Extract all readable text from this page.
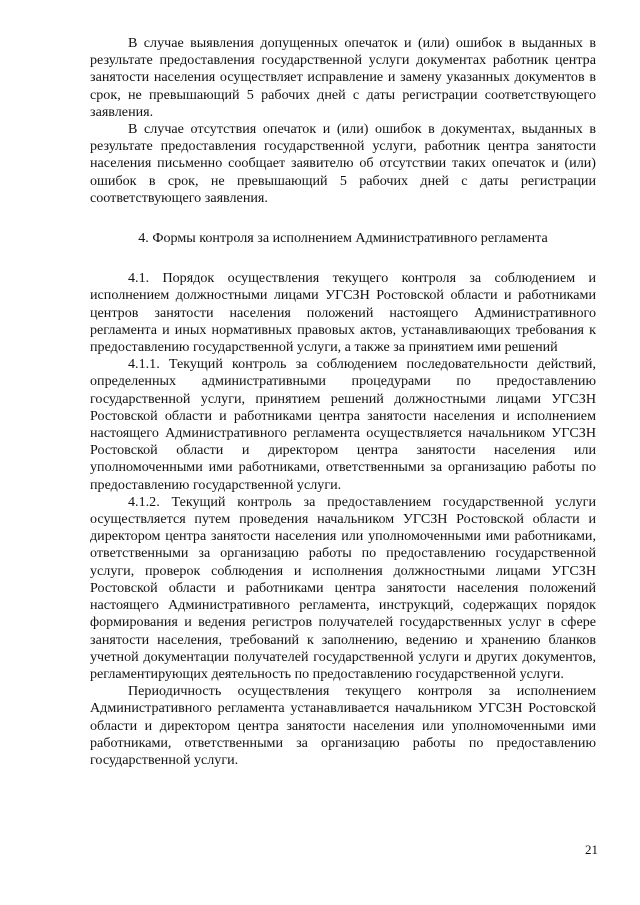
В случае выявления допущенных опечаток и (или) ошибок в выданных в результате предоставления государственной услуги документах работник центра занятости населения осуществляет исправление и замену указанных документов в срок, не превышающий 5 рабочих дней с даты регистрации соответствующего заявления.

В случае отсутствия опечаток и (или) ошибок в документах, выданных в результате предоставления государственной услуги, работник центра занятости населения письменно сообщает заявителю об отсутствии таких опечаток и (или) ошибок в срок, не превышающий 5 рабочих дней с даты регистрации соответствующего заявления.

4. Формы контроля за исполнением Административного регламента

4.1. Порядок осуществления текущего контроля за соблюдением и исполнением должностными лицами УГСЗН Ростовской области и работниками центров занятости населения положений настоящего Административного регламента и иных нормативных правовых актов, устанавливающих требования к предоставлению государственной услуги, а также за принятием ими решений

4.1.1. Текущий контроль за соблюдением последовательности действий, определенных административными процедурами по предоставлению государственной услуги, принятием решений должностными лицами УГСЗН Ростовской области и работниками центра занятости населения и исполнением настоящего Административного регламента осуществляется начальником УГСЗН Ростовской области и директором центра занятости населения или уполномоченными ими работниками, ответственными за организацию работы по предоставлению государственной услуги.

4.1.2. Текущий контроль за предоставлением государственной услуги осуществляется путем проведения начальником УГСЗН Ростовской области и директором центра занятости населения или уполномоченными ими работниками, ответственными за организацию работы по предоставлению государственной услуги, проверок соблюдения и исполнения должностными лицами УГСЗН Ростовской области и работниками центра занятости населения положений настоящего Административного регламента, инструкций, содержащих порядок формирования и ведения регистров получателей государственных услуг в сфере занятости населения, требований к заполнению, ведению и хранению бланков учетной документации получателей государственной услуги и других документов, регламентирующих деятельность по предоставлению государственной услуги.

Периодичность осуществления текущего контроля за исполнением Административного регламента устанавливается начальником УГСЗН Ростовской области и директором центра занятости населения или уполномоченными ими работниками, ответственными за организацию работы по предоставлению государственной услуги.

21
